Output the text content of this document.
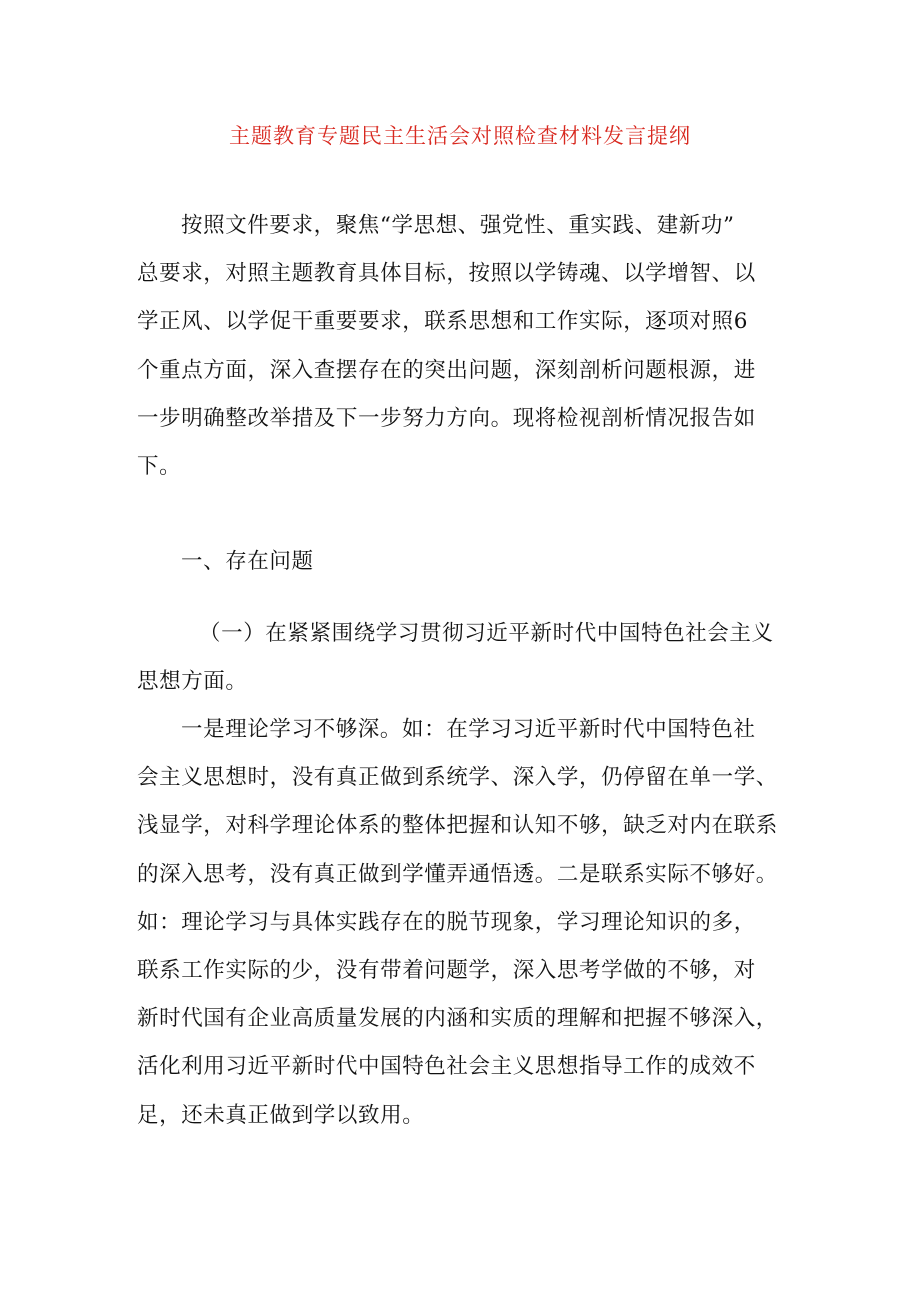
主题教育专题民主生活会对照检查材料发言提纲
按照文件要求，聚焦“学思想、强党性、重实践、建新功”
总要求，对照主题教育具体目标，按照以学铸魂、以学增智、以
学正风、以学促干重要要求，联系思想和工作实际，逐项对照6
个重点方面，深入查摆存在的突出问题，深刻剖析问题根源，进
一步明确整改举措及下一步努力方向。现将检视剖析情况报告如
下。
一、存在问题
（一）在紧紧围绕学习贯彻习近平新时代中国特色社会主义
思想方面。
一是理论学习不够深。如：在学习习近平新时代中国特色社
会主义思想时，没有真正做到系统学、深入学，仍停留在单一学、
浅显学，对科学理论体系的整体把握和认知不够，缺乏对内在联系
的深入思考，没有真正做到学懂弄通悟透。二是联系实际不够好。
如：理论学习与具体实践存在的脱节现象，学习理论知识的多，
联系工作实际的少，没有带着问题学，深入思考学做的不够，对
新时代国有企业高质量发展的内涵和实质的理解和把握不够深入，
活化利用习近平新时代中国特色社会主义思想指导工作的成效不
足，还未真正做到学以致用。
